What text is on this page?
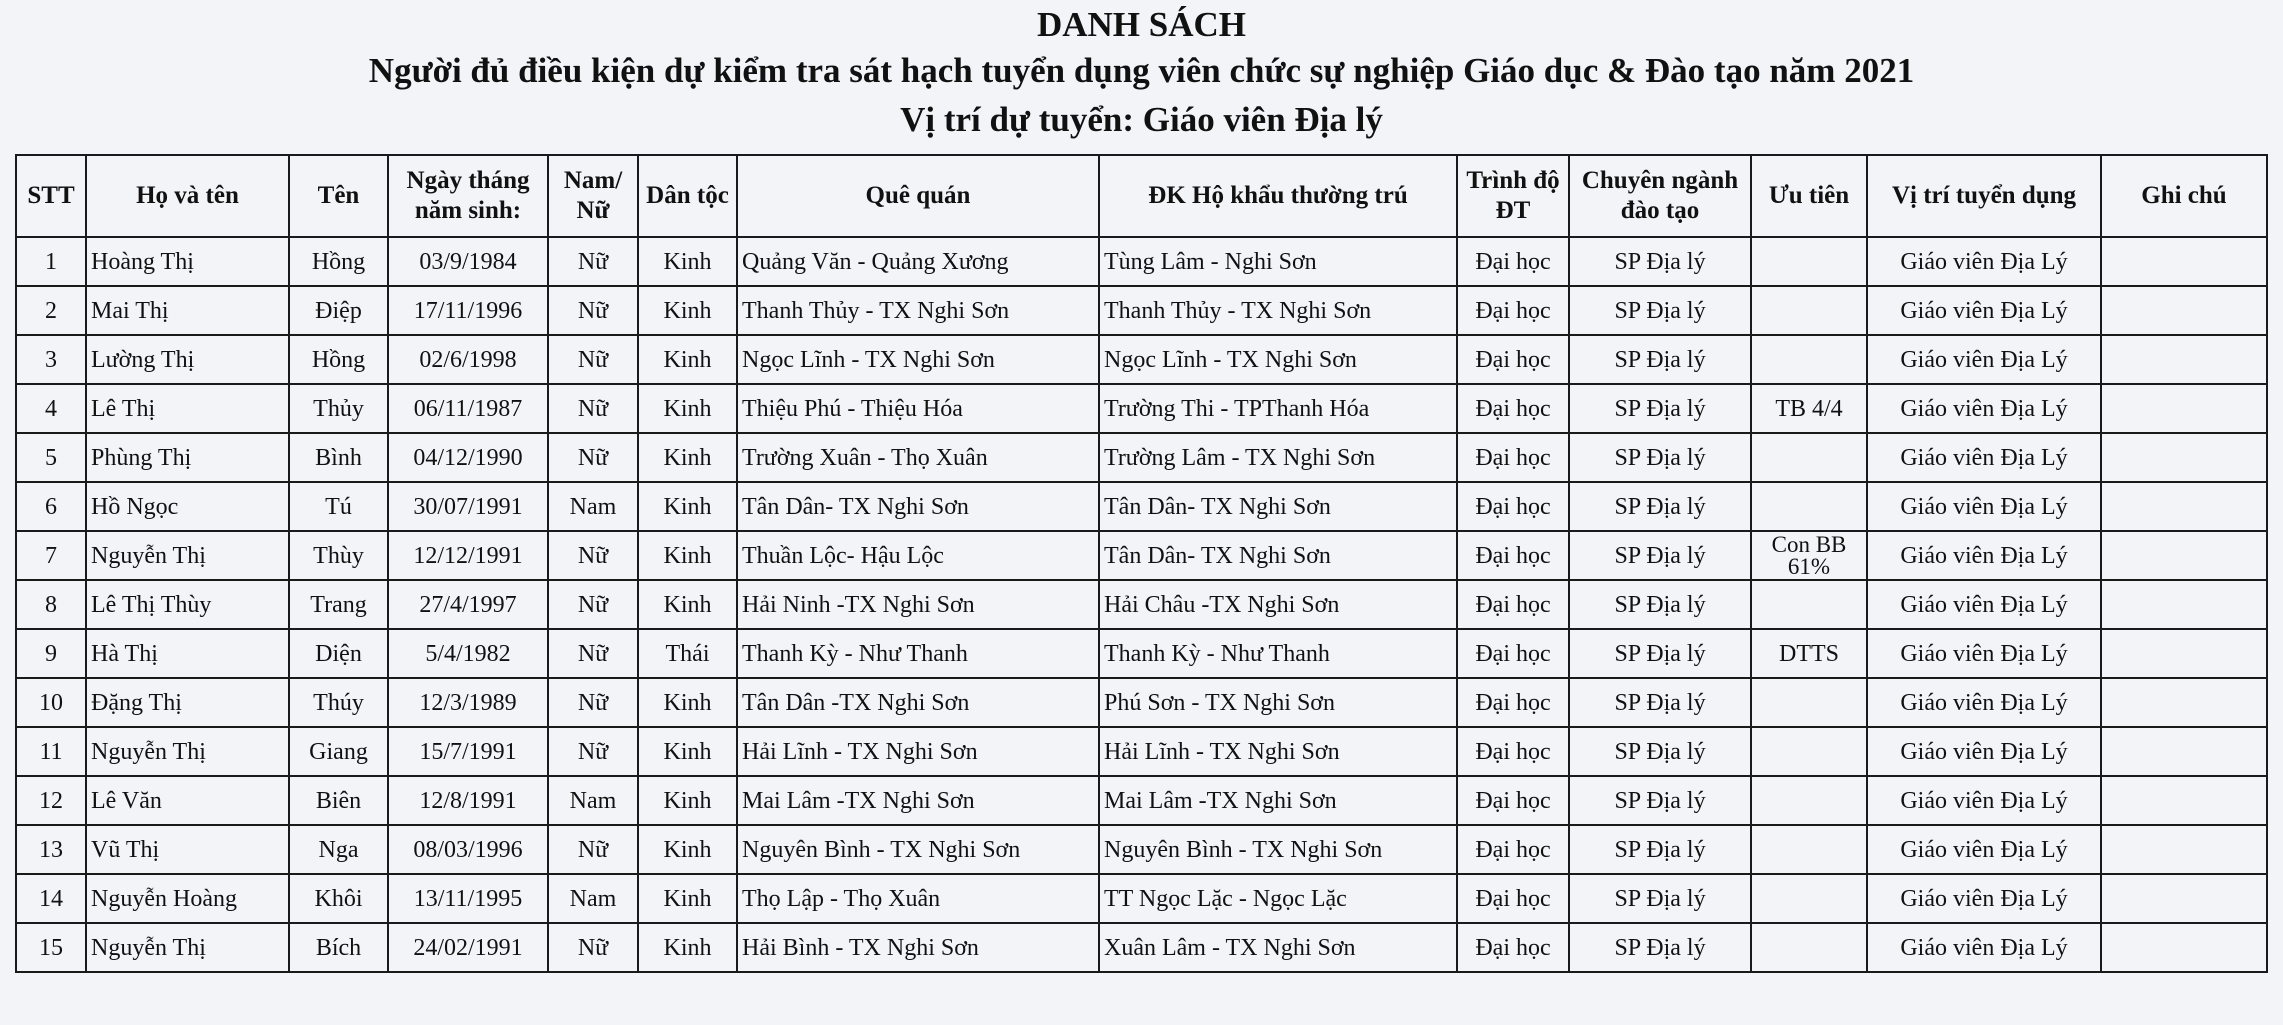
DANH SÁCH
Người đủ điều kiện dự kiểm tra sát hạch tuyển dụng viên chức sự nghiệp Giáo dục & Đào tạo năm 2021
Vị trí dự tuyển: Giáo viên Địa lý
STT	Họ và tên	Tên	Ngày tháng năm sinh:	Nam/ Nữ	Dân tộc	Quê quán	ĐK Hộ khẩu thường trú	Trình độ ĐT	Chuyên ngành đào tạo	Ưu tiên	Vị trí tuyển dụng	Ghi chú
1	Hoàng Thị	Hồng	03/9/1984	Nữ	Kinh	Quảng Văn - Quảng Xương	Tùng Lâm - Nghi Sơn	Đại học	SP Địa lý		Giáo viên Địa Lý	
2	Mai Thị	Điệp	17/11/1996	Nữ	Kinh	Thanh Thủy - TX Nghi Sơn	Thanh Thủy - TX Nghi Sơn	Đại học	SP Địa lý		Giáo viên Địa Lý	
3	Lường Thị	Hồng	02/6/1998	Nữ	Kinh	Ngọc Lĩnh - TX Nghi Sơn	Ngọc Lĩnh - TX Nghi Sơn	Đại học	SP Địa lý		Giáo viên Địa Lý	
4	Lê Thị	Thủy	06/11/1987	Nữ	Kinh	Thiệu Phú - Thiệu Hóa	Trường Thi - TPThanh Hóa	Đại học	SP Địa lý	TB 4/4	Giáo viên Địa Lý	
5	Phùng Thị	Bình	04/12/1990	Nữ	Kinh	Trường Xuân - Thọ Xuân	Trường Lâm - TX Nghi Sơn	Đại học	SP Địa lý		Giáo viên Địa Lý	
6	Hồ Ngọc	Tú	30/07/1991	Nam	Kinh	Tân Dân- TX Nghi Sơn	Tân Dân- TX Nghi Sơn	Đại học	SP Địa lý		Giáo viên Địa Lý	
7	Nguyễn Thị	Thùy	12/12/1991	Nữ	Kinh	Thuần Lộc- Hậu Lộc	Tân Dân- TX Nghi Sơn	Đại học	SP Địa lý	Con BB 61%	Giáo viên Địa Lý	
8	Lê Thị Thùy	Trang	27/4/1997	Nữ	Kinh	Hải Ninh -TX Nghi Sơn	Hải Châu -TX Nghi Sơn	Đại học	SP Địa lý		Giáo viên Địa Lý	
9	Hà Thị	Diện	5/4/1982	Nữ	Thái	Thanh Kỳ - Như Thanh	Thanh Kỳ - Như Thanh	Đại học	SP Địa lý	DTTS	Giáo viên Địa Lý	
10	Đặng Thị	Thúy	12/3/1989	Nữ	Kinh	Tân Dân -TX Nghi Sơn	Phú Sơn - TX Nghi Sơn	Đại học	SP Địa lý		Giáo viên Địa Lý	
11	Nguyễn Thị	Giang	15/7/1991	Nữ	Kinh	Hải Lĩnh - TX Nghi Sơn	Hải Lĩnh - TX Nghi Sơn	Đại học	SP Địa lý		Giáo viên Địa Lý	
12	Lê Văn	Biên	12/8/1991	Nam	Kinh	Mai Lâm -TX Nghi Sơn	Mai Lâm -TX Nghi Sơn	Đại học	SP Địa lý		Giáo viên Địa Lý	
13	Vũ Thị	Nga	08/03/1996	Nữ	Kinh	Nguyên Bình - TX Nghi Sơn	Nguyên Bình - TX Nghi Sơn	Đại học	SP Địa lý		Giáo viên Địa Lý	
14	Nguyễn Hoàng	Khôi	13/11/1995	Nam	Kinh	Thọ Lập - Thọ Xuân	TT Ngọc Lặc - Ngọc Lặc	Đại học	SP Địa lý		Giáo viên Địa Lý	
15	Nguyễn Thị	Bích	24/02/1991	Nữ	Kinh	Hải Bình - TX Nghi Sơn	Xuân Lâm - TX Nghi Sơn	Đại học	SP Địa lý		Giáo viên Địa Lý	
